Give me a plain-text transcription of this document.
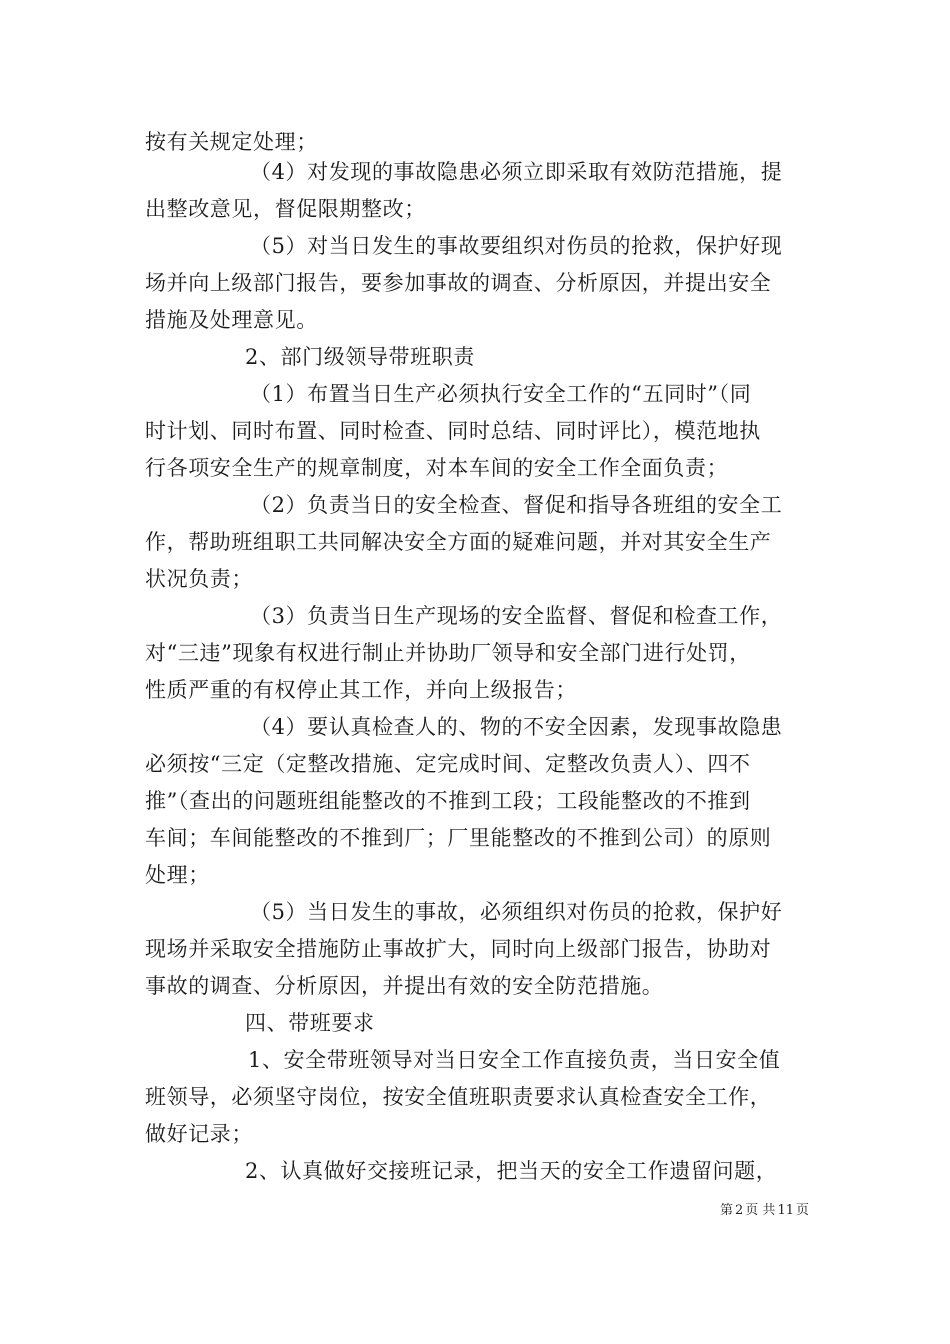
按有关规定处理；
（4）对发现的事故隐患必须立即采取有效防范措施，提
出整改意见，督促限期整改；
（5）对当日发生的事故要组织对伤员的抢救，保护好现
场并向上级部门报告，要参加事故的调查、分析原因，并提出安全
措施及处理意见。
2、部门级领导带班职责
（1）布置当日生产必须执行安全工作的“五同时”（同
时计划、同时布置、同时检查、同时总结、同时评比），模范地执
行各项安全生产的规章制度，对本车间的安全工作全面负责；
（2）负责当日的安全检查、督促和指导各班组的安全工
作，帮助班组职工共同解决安全方面的疑难问题，并对其安全生产
状况负责；
（3）负责当日生产现场的安全监督、督促和检查工作，
对“三违”现象有权进行制止并协助厂领导和安全部门进行处罚，
性质严重的有权停止其工作，并向上级报告；
（4）要认真检查人的、物的不安全因素，发现事故隐患
必须按“三定（定整改措施、定完成时间、定整改负责人）、四不
推”（查出的问题班组能整改的不推到工段；工段能整改的不推到
车间；车间能整改的不推到厂；厂里能整改的不推到公司）的原则
处理；
（5）当日发生的事故，必须组织对伤员的抢救，保护好
现场并采取安全措施防止事故扩大，同时向上级部门报告，协助对
事故的调查、分析原因，并提出有效的安全防范措施。
四、带班要求
1、安全带班领导对当日安全工作直接负责，当日安全值
班领导，必须坚守岗位，按安全值班职责要求认真检查安全工作，
做好记录；
2、认真做好交接班记录，把当天的安全工作遗留问题，
第 2 页 共 11 页
